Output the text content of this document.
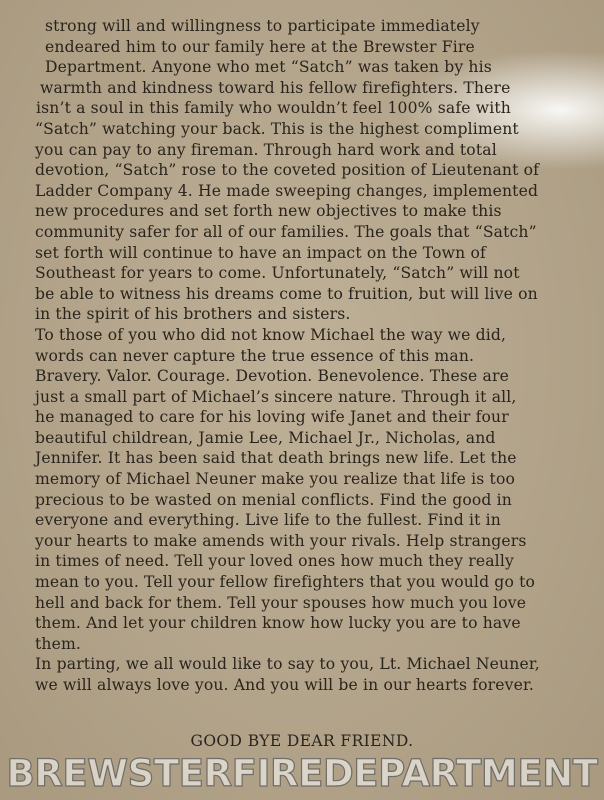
strong will and willingness to participate immediately
endeared him to our family here at the Brewster Fire
Department. Anyone who met “Satch” was taken by his
warmth and kindness toward his fellow firefighters. There
isn’t a soul in this family who wouldn’t feel 100% safe with
“Satch” watching your back. This is the highest compliment
you can pay to any fireman. Through hard work and total
devotion, “Satch” rose to the coveted position of Lieutenant of
Ladder Company 4. He made sweeping changes, implemented
new procedures and set forth new objectives to make this
community safer for all of our families. The goals that “Satch”
set forth will continue to have an impact on the Town of
Southeast for years to come. Unfortunately, “Satch” will not
be able to witness his dreams come to fruition, but will live on
in the spirit of his brothers and sisters.
To those of you who did not know Michael the way we did,
words can never capture the true essence of this man.
Bravery. Valor. Courage. Devotion. Benevolence. These are
just a small part of Michael’s sincere nature. Through it all,
he managed to care for his loving wife Janet and their four
beautiful childrean, Jamie Lee, Michael Jr., Nicholas, and
Jennifer. It has been said that death brings new life. Let the
memory of Michael Neuner make you realize that life is too
precious to be wasted on menial conflicts. Find the good in
everyone and everything. Live life to the fullest. Find it in
your hearts to make amends with your rivals. Help strangers
in times of need. Tell your loved ones how much they really
mean to you. Tell your fellow firefighters that you would go to
hell and back for them. Tell your spouses how much you love
them. And let your children know how lucky you are to have
them.
In parting, we all would like to say to you, Lt. Michael Neuner,
we will always love you. And you will be in our hearts forever.
GOOD BYE DEAR FRIEND.
BREWSTERFIREDEPARTMENT
